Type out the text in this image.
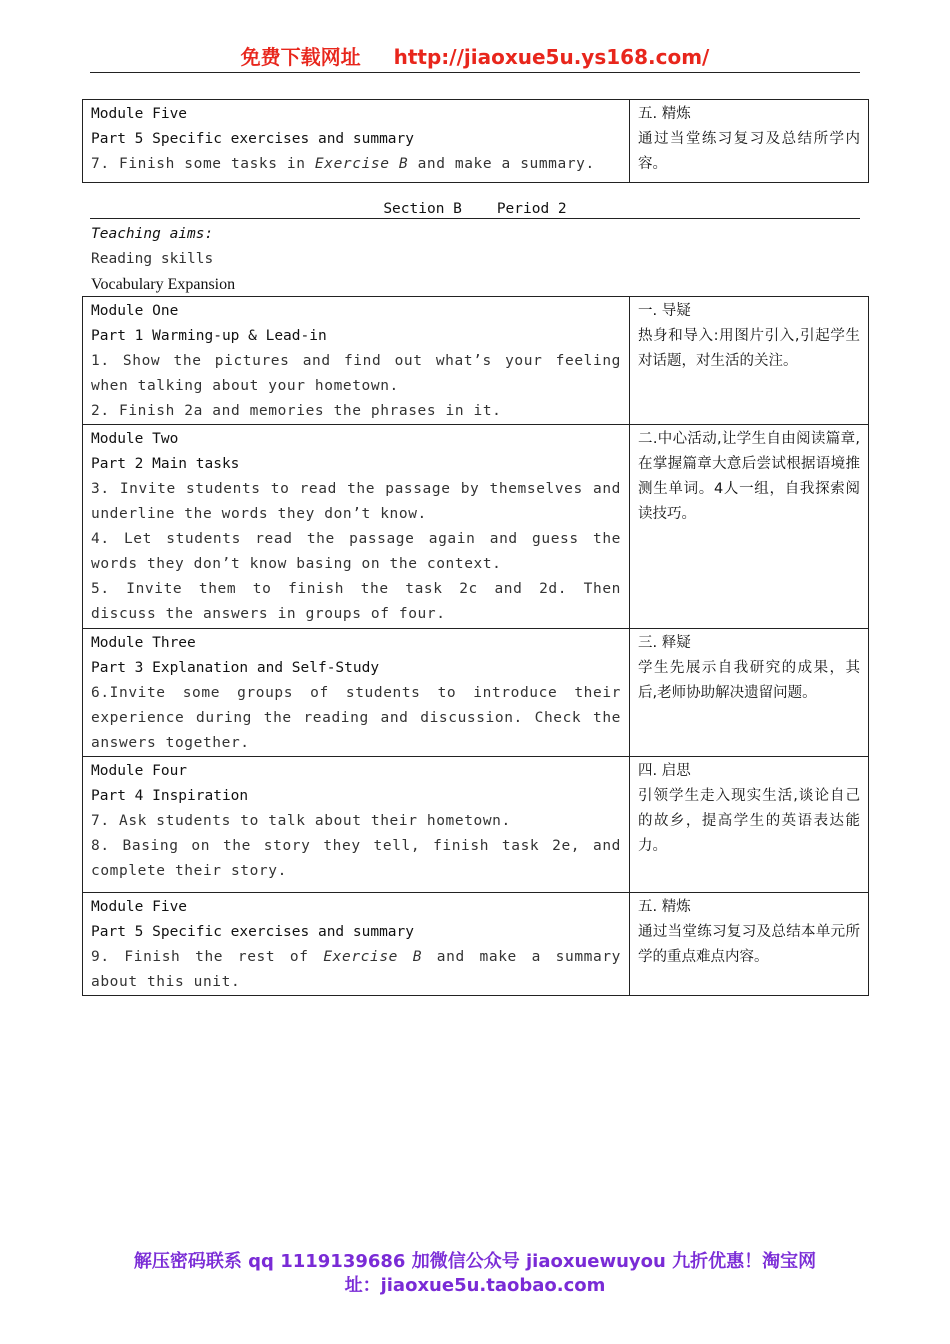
免费下载网址 http://jiaoxue5u.ys168.com/
Module Five
Part 5 Specific exercises and summary
7. Finish some tasks in Exercise B and make a summary.

五. 精炼
通过当堂练习复习及总结所学内容。
Section B    Period 2
Teaching aims:
Reading skills
Vocabulary Expansion
Module One
Part 1 Warming-up & Lead-in
1. Show the pictures and find out what’s your feeling when talking about your hometown.
2. Finish 2a and memories the phrases in it.	一. 导疑
热身和导入:用图片引入,引起学生对话题，对生活的关注。

Module Two
Part 2 Main tasks
3. Invite students to read the passage by themselves and underline the words they don’t know.
4. Let students read the passage again and guess the words they don’t know basing on the context.
5. Invite them to finish the task 2c and 2d. Then discuss the answers in groups of four.	二.中心活动,让学生自由阅读篇章,在掌握篇章大意后尝试根据语境推测生单词。4人一组，自我探索阅读技巧。

Module Three
Part 3 Explanation and Self-Study
6.Invite some groups of students to introduce their experience during the reading and discussion. Check the answers together.	三. 释疑
学生先展示自我研究的成果，其后,老师协助解决遗留问题。

Module Four
Part 4 Inspiration
7. Ask students to talk about their hometown.
8. Basing on the story they tell, finish task 2e, and complete their story.	四. 启思
引领学生走入现实生活,谈论自己的故乡，提高学生的英语表达能力。

Module Five
Part 5 Specific exercises and summary
9. Finish the rest of Exercise B and make a summary about this unit.	五. 精炼
通过当堂练习复习及总结本单元所学的重点难点内容。
解压密码联系 qq 1119139686 加微信公众号 jiaoxuewuyou 九折优惠！淘宝网
址：jiaoxue5u.taobao.com
